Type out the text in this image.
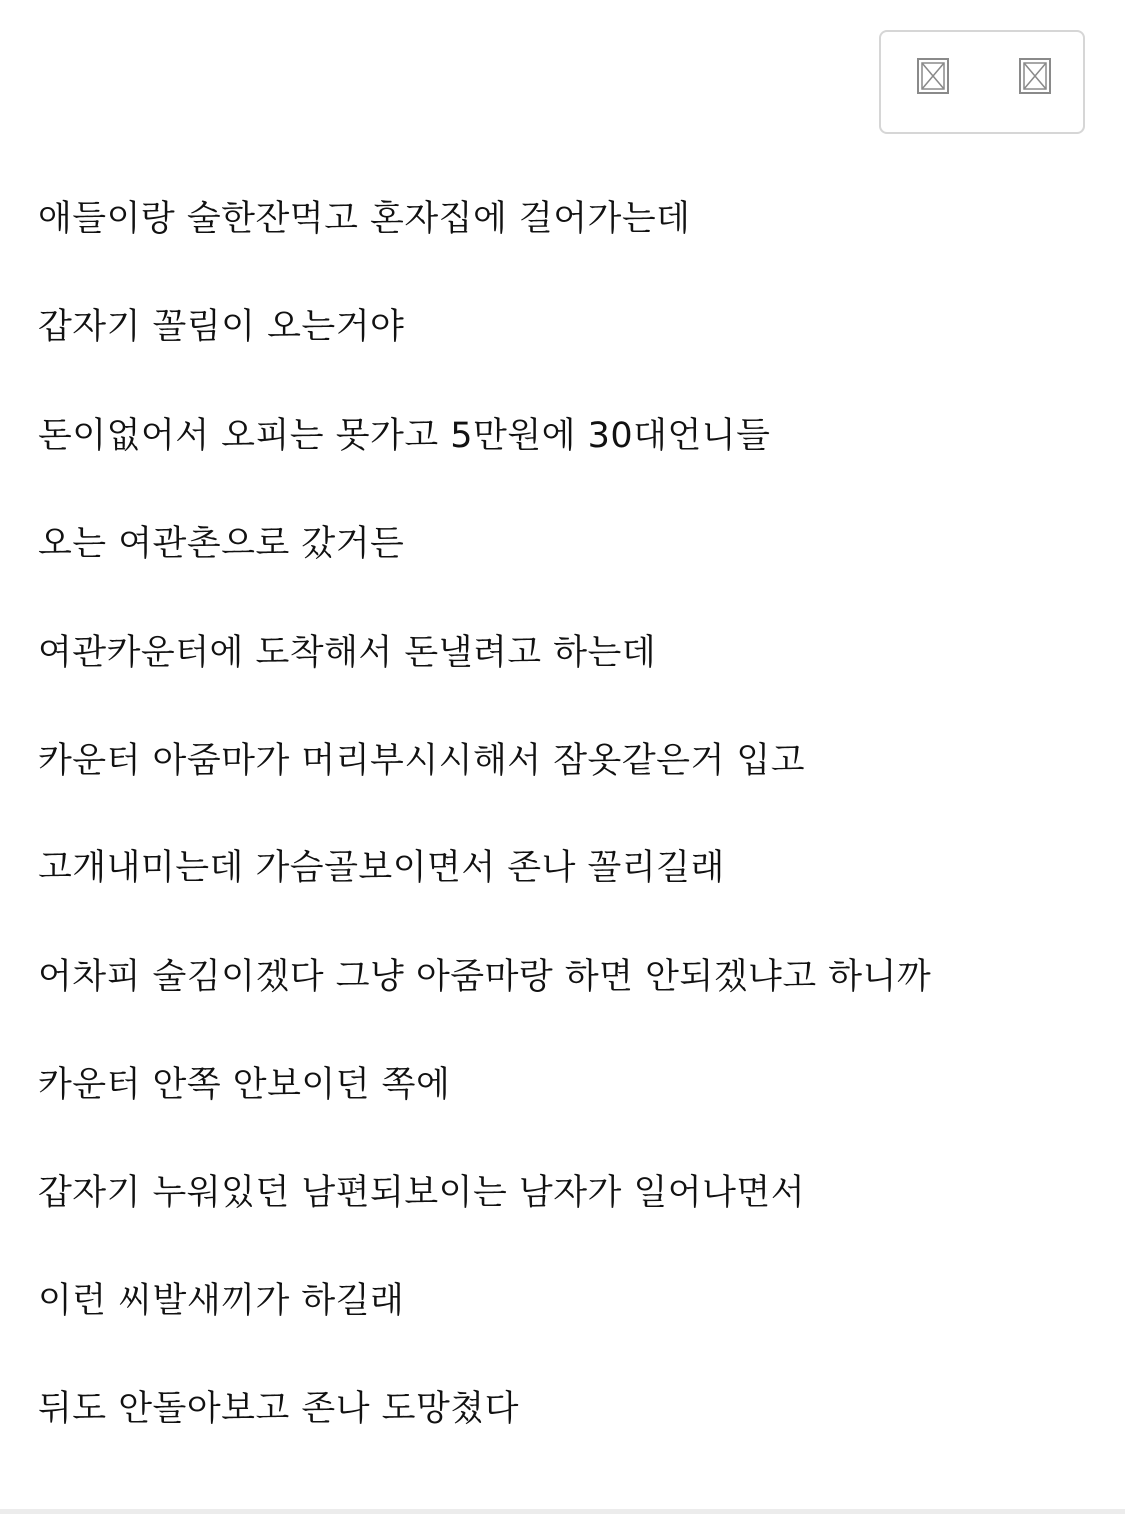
애들이랑 술한잔먹고 혼자집에 걸어가는데
갑자기 꼴림이 오는거야
돈이없어서 오피는 못가고 5만원에 30대언니들
오는 여관촌으로 갔거든
여관카운터에 도착해서 돈낼려고 하는데
카운터 아줌마가 머리부시시해서 잠옷같은거 입고
고개내미는데 가슴골보이면서 존나 꼴리길래
어차피 술김이겠다 그냥 아줌마랑 하면 안되겠냐고 하니까
카운터 안쪽 안보이던 쪽에
갑자기 누워있던 남편되보이는 남자가 일어나면서
이런 씨발새끼가 하길래
뒤도 안돌아보고 존나 도망쳤다
